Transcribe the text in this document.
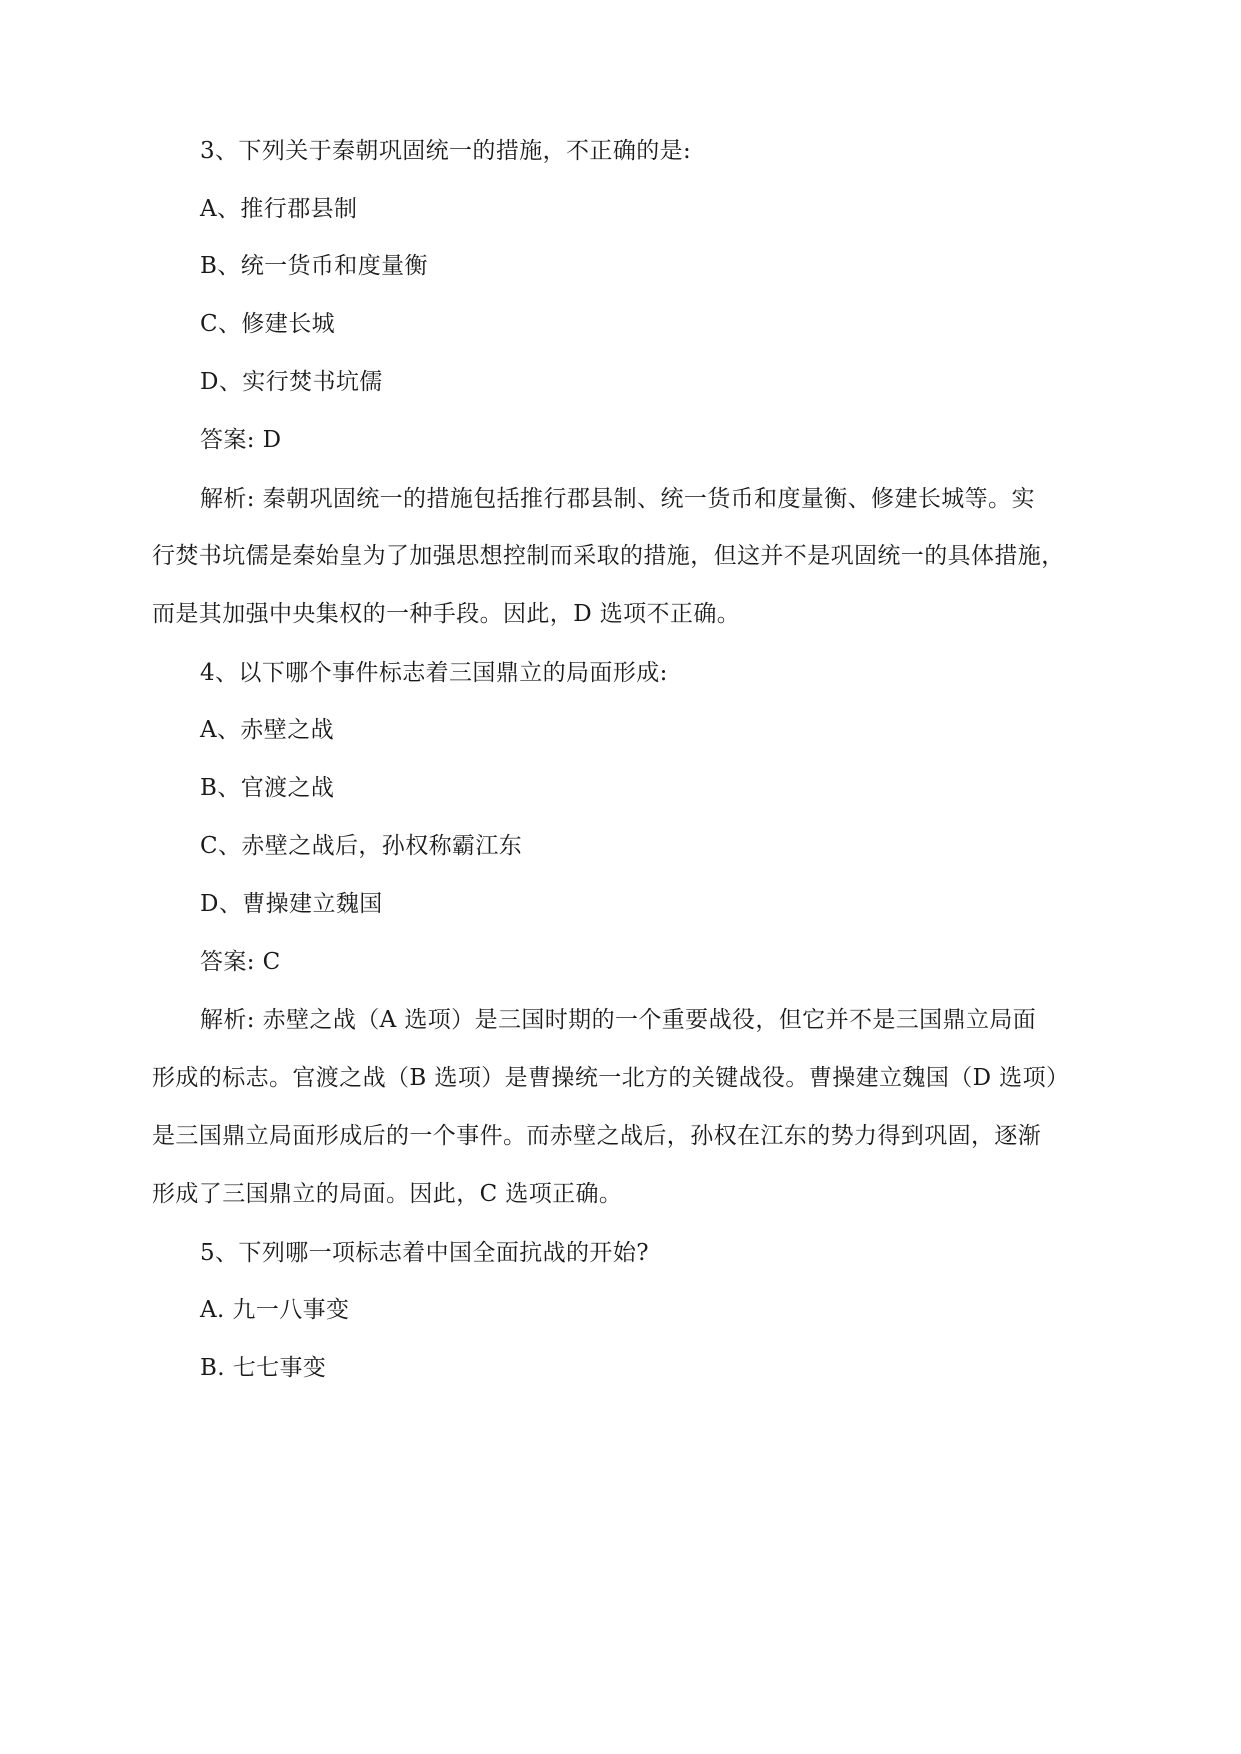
3、下列关于秦朝巩固统一的措施，不正确的是:
A、推行郡县制
B、统一货币和度量衡
C、修建长城
D、实行焚书坑儒
答案: D
解析: 秦朝巩固统一的措施包括推行郡县制、统一货币和度量衡、修建长城等。实
行焚书坑儒是秦始皇为了加强思想控制而采取的措施，但这并不是巩固统一的具体措施，
而是其加强中央集权的一种手段。因此，D 选项不正确。
4、以下哪个事件标志着三国鼎立的局面形成:
A、赤壁之战
B、官渡之战
C、赤壁之战后，孙权称霸江东
D、曹操建立魏国
答案: C
解析: 赤壁之战（A 选项）是三国时期的一个重要战役，但它并不是三国鼎立局面
形成的标志。官渡之战（B 选项）是曹操统一北方的关键战役。曹操建立魏国（D 选项）
是三国鼎立局面形成后的一个事件。而赤壁之战后，孙权在江东的势力得到巩固，逐渐
形成了三国鼎立的局面。因此，C 选项正确。
5、下列哪一项标志着中国全面抗战的开始?
A. 九一八事变
B. 七七事变
